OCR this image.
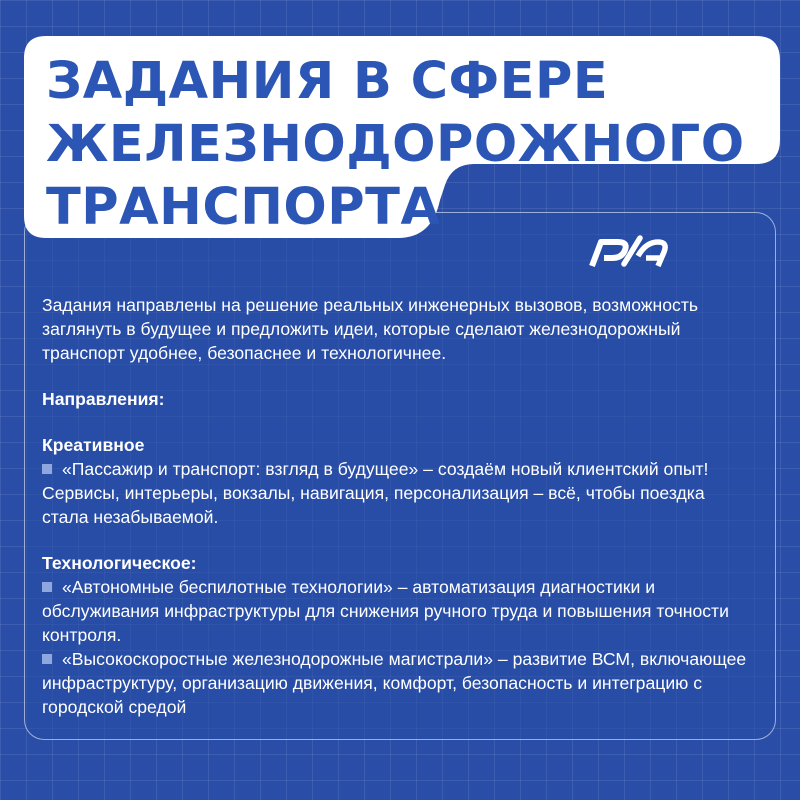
ЗАДАНИЯ В СФЕРЕ
ЖЕЛЕЗНОДОРОЖНОГО
ТРАНСПОРТА

Задания направлены на решение реальных инженерных вызовов, возможность заглянуть в будущее и предложить идеи, которые сделают железнодорожный транспорт удобнее, безопаснее и технологичнее.

Направления:

Креативное

«Пассажир и транспорт: взгляд в будущее» – создаём новый клиентский опыт! Сервисы, интерьеры, вокзалы, навигация, персонализация – всё, чтобы поездка стала незабываемой.

Технологическое:

«Автономные беспилотные технологии» – автоматизация диагностики и обслуживания инфраструктуры для снижения ручного труда и повышения точности контроля.

«Высокоскоростные железнодорожные магистрали» – развитие ВСМ, включающее инфраструктуру, организацию движения, комфорт, безопасность и интеграцию с городской средой
